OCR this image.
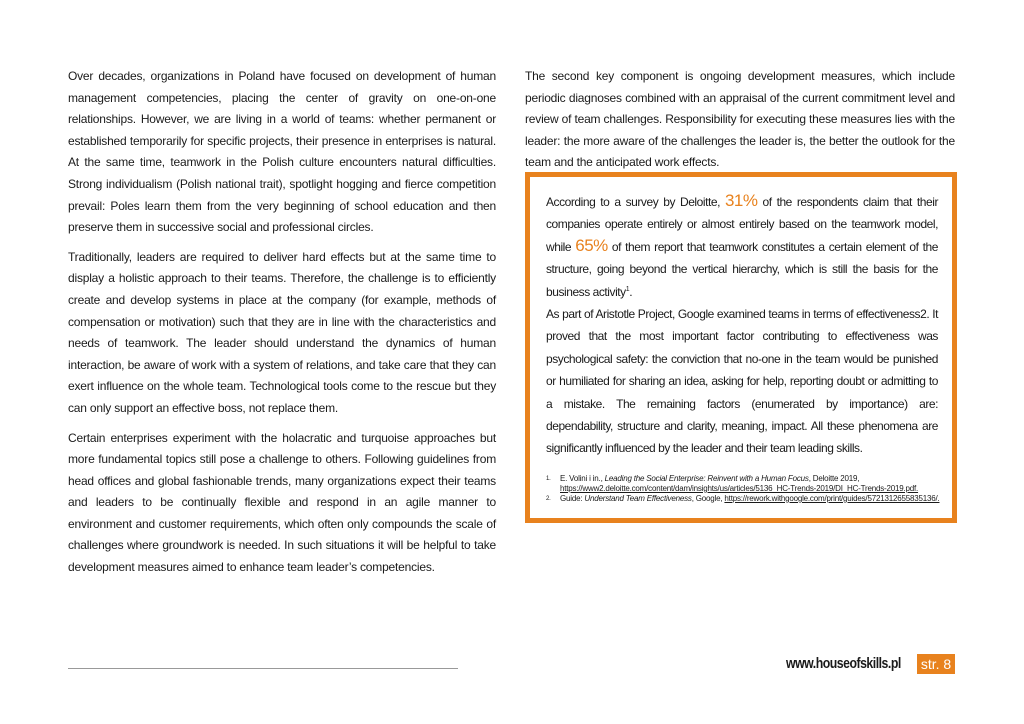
Over decades, organizations in Poland have focused on development of human management competencies, placing the center of gravity on one-on-one relationships. However, we are living in a world of teams: whether permanent or established temporarily for specific projects, their presence in enterprises is natural. At the same time, teamwork in the Polish culture encounters natural difficulties. Strong individualism (Polish national trait), spotlight hogging and fierce competition prevail: Poles learn them from the very beginning of school education and then preserve them in successive social and professional circles.

Traditionally, leaders are required to deliver hard effects but at the same time to display a holistic approach to their teams. Therefore, the challenge is to efficiently create and develop systems in place at the company (for example, methods of compensation or motivation) such that they are in line with the characteristics and needs of teamwork. The leader should understand the dynamics of human interaction, be aware of work with a system of relations, and take care that they can exert influence on the whole team. Technological tools come to the rescue but they can only support an effective boss, not replace them.

Certain enterprises experiment with the holacratic and turquoise approaches but more fundamental topics still pose a challenge to others. Following guidelines from head offices and global fashionable trends, many organizations expect their teams and leaders to be continually flexible and respond in an agile manner to environment and customer requirements, which often only compounds the scale of challenges where groundwork is needed. In such situations it will be helpful to take development measures aimed to enhance team leader’s competencies.

The second key component is ongoing development measures, which include periodic diagnoses combined with an appraisal of the current commitment level and review of team challenges. Responsibility for executing these measures lies with the leader: the more aware of the challenges the leader is, the better the outlook for the team and the anticipated work effects.

According to a survey by Deloitte, 31% of the respondents claim that their companies operate entirely or almost entirely based on the teamwork model, while 65% of them report that teamwork constitutes a certain element of the structure, going beyond the vertical hierarchy, which is still the basis for the business activity$^1$.

As part of Aristotle Project, Google examined teams in terms of effectiveness2. It proved that the most important factor contributing to effectiveness was psychological safety: the conviction that no-one in the team would be punished or humiliated for sharing an idea, asking for help, reporting doubt or admitting to a mistake. The remaining factors (enumerated by importance) are: dependability, structure and clarity, meaning, impact. All these phenomena are significantly influenced by the leader and their team leading skills.

1.	E. Volini i in., Leading the Social Enterprise: Reinvent with a Human Focus, Deloitte 2019,
https://www2.deloitte.com/content/dam/insights/us/articles/5136_HC-Trends-2019/DI_HC-Trends-2019.pdf.
2.	Guide: Understand Team Effectiveness, Google, https://rework.withgoogle.com/print/guides/5721312655835136/.
www.houseofskills.pl str. 8
